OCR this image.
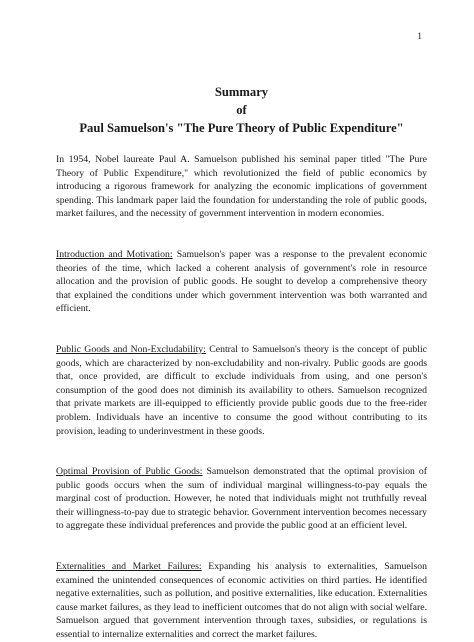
1
Summary
of
Paul Samuelson's "The Pure Theory of Public Expenditure"

In 1954, Nobel laureate Paul A. Samuelson published his seminal paper titled "The Pure Theory of Public Expenditure," which revolutionized the field of public economics by introducing a rigorous framework for analyzing the economic implications of government spending. This landmark paper laid the foundation for understanding the role of public goods, market failures, and the necessity of government intervention in modern economies.

Introduction and Motivation: Samuelson's paper was a response to the prevalent economic theories of the time, which lacked a coherent analysis of government's role in resource allocation and the provision of public goods. He sought to develop a comprehensive theory that explained the conditions under which government intervention was both warranted and efficient.

Public Goods and Non-Excludability: Central to Samuelson's theory is the concept of public goods, which are characterized by non-excludability and non-rivalry. Public goods are goods that, once provided, are difficult to exclude individuals from using, and one person's consumption of the good does not diminish its availability to others. Samuelson recognized that private markets are ill-equipped to efficiently provide public goods due to the free-rider problem. Individuals have an incentive to consume the good without contributing to its provision, leading to underinvestment in these goods.

Optimal Provision of Public Goods: Samuelson demonstrated that the optimal provision of public goods occurs when the sum of individual marginal willingness-to-pay equals the marginal cost of production. However, he noted that individuals might not truthfully reveal their willingness-to-pay due to strategic behavior. Government intervention becomes necessary to aggregate these individual preferences and provide the public good at an efficient level.

Externalities and Market Failures: Expanding his analysis to externalities, Samuelson examined the unintended consequences of economic activities on third parties. He identified negative externalities, such as pollution, and positive externalities, like education. Externalities cause market failures, as they lead to inefficient outcomes that do not align with social welfare. Samuelson argued that government intervention through taxes, subsidies, or regulations is essential to internalize externalities and correct the market failures.
